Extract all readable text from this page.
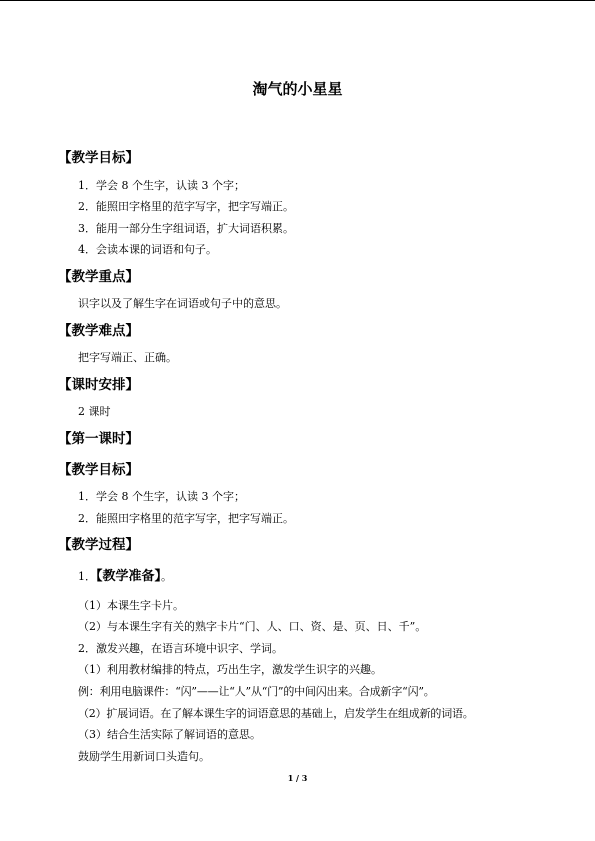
淘气的小星星
【教学目标】
1．学会 8 个生字，认读 3 个字；
2．能照田字格里的范字写字，把字写端正。
3．能用一部分生字组词语，扩大词语积累。
4．会读本课的词语和句子。
【教学重点】
识字以及了解生字在词语或句子中的意思。
【教学难点】
把字写端正、正确。
【课时安排】
2 课时
【第一课时】
【教学目标】
1．学会 8 个生字，认读 3 个字；
2．能照田字格里的范字写字，把字写端正。
【教学过程】
1．【教学准备】。
（1）本课生字卡片。
（2）与本课生字有关的熟字卡片“门、人、口、资、是、页、日、千”。
2．激发兴趣，在语言环境中识字、学词。
（1）利用教材编排的特点，巧出生字，激发学生识字的兴趣。
例：利用电脑课件：“闪”——让“人”从“门”的中间闪出来。合成新字“闪”。
（2）扩展词语。在了解本课生字的词语意思的基础上，启发学生在组成新的词语。
（3）结合生活实际了解词语的意思。
鼓励学生用新词口头造句。
1 / 3
